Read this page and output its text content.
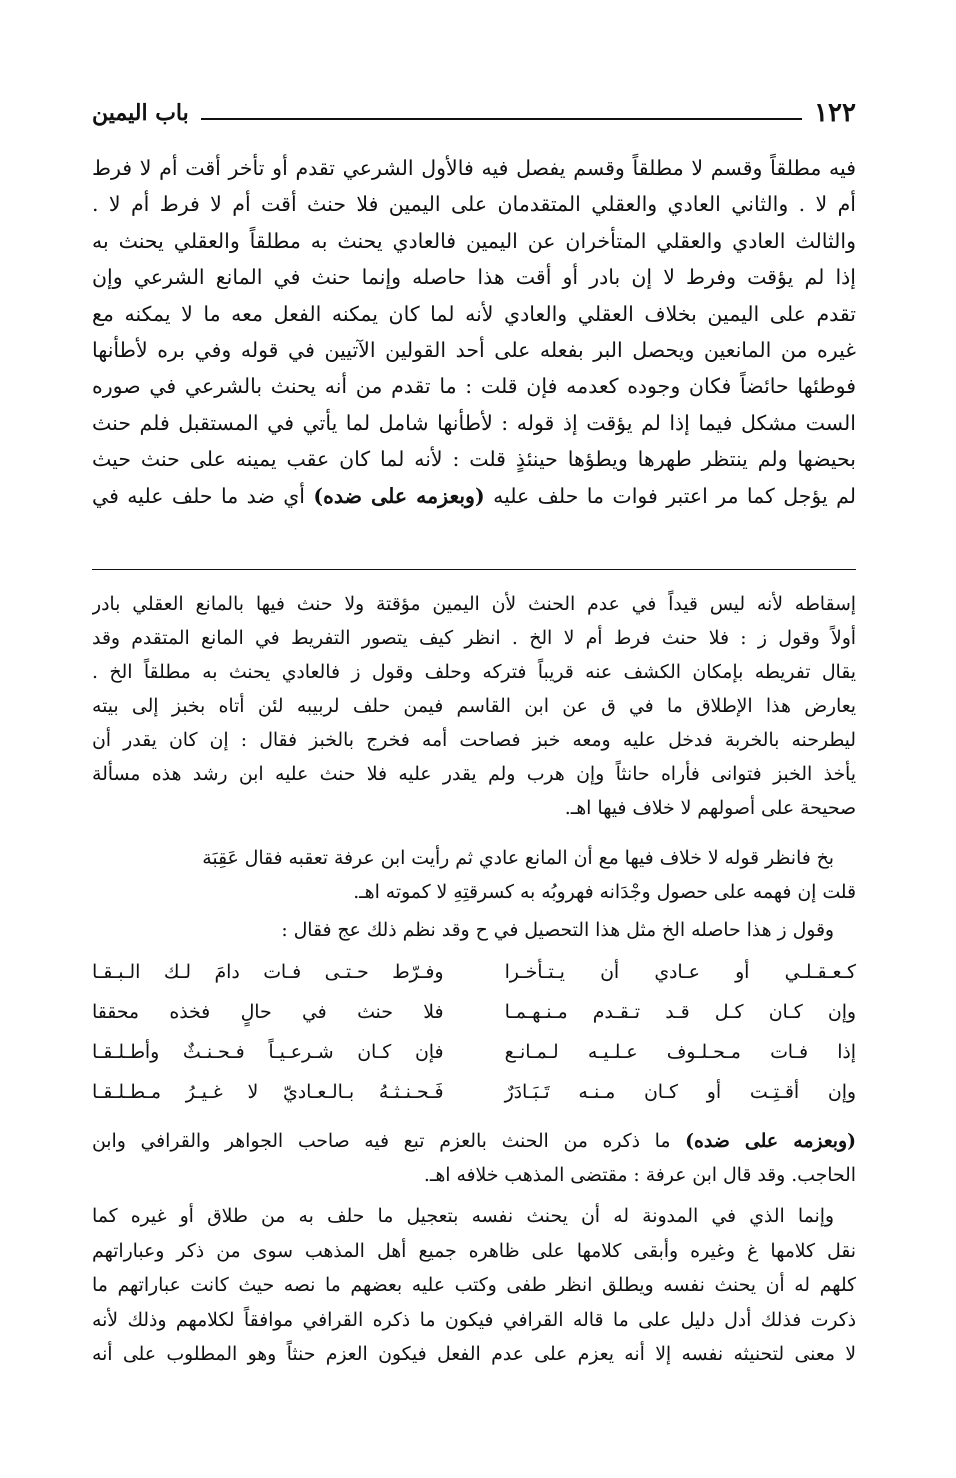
١٢٢
باب اليمين
فيه مطلقاً وقسم لا مطلقاً وقسم يفصل فيه فالأول الشرعي تقدم أو تأخر أقت أم لا فرط
أم لا . والثاني العادي والعقلي المتقدمان على اليمين فلا حنث أقت أم لا فرط أم لا .
والثالث العادي والعقلي المتأخران عن اليمين فالعادي يحنث به مطلقاً والعقلي يحنث به
إذا لم يؤقت وفرط لا إن بادر أو أقت هذا حاصله وإنما حنث في المانع الشرعي وإن
تقدم على اليمين بخلاف العقلي والعادي لأنه لما كان يمكنه الفعل معه ما لا يمكنه مع
غيره من المانعين ويحصل البر بفعله على أحد القولين الآتيين في قوله وفي بره لأطأنها
فوطئها حائضاً فكان وجوده كعدمه فإن قلت : ما تقدم من أنه يحنث بالشرعي في صوره
الست مشكل فيما إذا لم يؤقت إذ قوله : لأطأنها شامل لما يأتي في المستقبل فلم حنث
بحيضها ولم ينتظر طهرها ويطؤها حينئذٍ قلت : لأنه لما كان عقب يمينه على حنث حيث
لم يؤجل كما مر اعتبر فوات ما حلف عليه (وبعزمه على ضده) أي ضد ما حلف عليه في
إسقاطه لأنه ليس قيداً في عدم الحنث لأن اليمين مؤقتة ولا حنث فيها بالمانع العقلي بادر
أولاً وقول ز : فلا حنث فرط أم لا الخ . انظر كيف يتصور التفريط في المانع المتقدم وقد
يقال تفريطه بإمكان الكشف عنه قريباً فتركه وحلف وقول ز فالعادي يحنث به مطلقاً الخ .
يعارض هذا الإطلاق ما في ق عن ابن القاسم فيمن حلف لربيبه لئن أتاه بخبز إلى بيته
ليطرحنه بالخربة فدخل عليه ومعه خبز فصاحت أمه فخرج بالخبز فقال : إن كان يقدر أن
يأخذ الخبز فتوانى فأراه حانثاً وإن هرب ولم يقدر عليه فلا حنث عليه ابن رشد هذه مسألة
صحيحة على أصولهم لا خلاف فيها اهـ.
بخ فانظر قوله لا خلاف فيها مع أن المانع عادي ثم رأيت ابن عرفة تعقبه فقال عَقِبَة
قلت إن فهمه على حصول وجْدَانه فهروبُه به كسرقتِهِ لا كموته اهـ.
وقول ز هذا حاصله الخ مثل هذا التحصيل في ح وقد نظم ذلك عج فقال :
كـعـقـلـي أو عـادي أن يـتـأخـرا
وفـرّط حـتـى فـات دامَ لـك الـبـقـا
وإن كـان كـل قـد تـقـدم مـنـهـمـا
فلا حنث في حالٍ فخذه محققا
إذا فـات مـحـلـوف عـلـيـه لـمـانـع
فإن كـان شـرعـيـاً فـحـنـثٌ وأطـلـقـا
وإن أقـتِـت أو كـان مـنـه تَـبَـادَرٌ
فَـحـنـثـهُ بـالـعـاديّ لا غـيـرُ مـطـلـقـا
(وبعزمه على ضده) ما ذكره من الحنث بالعزم تبع فيه صاحب الجواهر والقرافي وابن
الحاجب. وقد قال ابن عرفة : مقتضى المذهب خلافه اهـ.
وإنما الذي في المدونة له أن يحنث نفسه بتعجيل ما حلف به من طلاق أو غيره كما
نقل كلامها غ وغيره وأبقى كلامها على ظاهره جميع أهل المذهب سوى من ذكر وعباراتهم
كلهم له أن يحنث نفسه ويطلق انظر طفى وكتب عليه بعضهم ما نصه حيث كانت عباراتهم ما
ذكرت فذلك أدل دليل على ما قاله القرافي فيكون ما ذكره القرافي موافقاً لكلامهم وذلك لأنه
لا معنى لتحنيثه نفسه إلا أنه يعزم على عدم الفعل فيكون العزم حنثاً وهو المطلوب على أنه
